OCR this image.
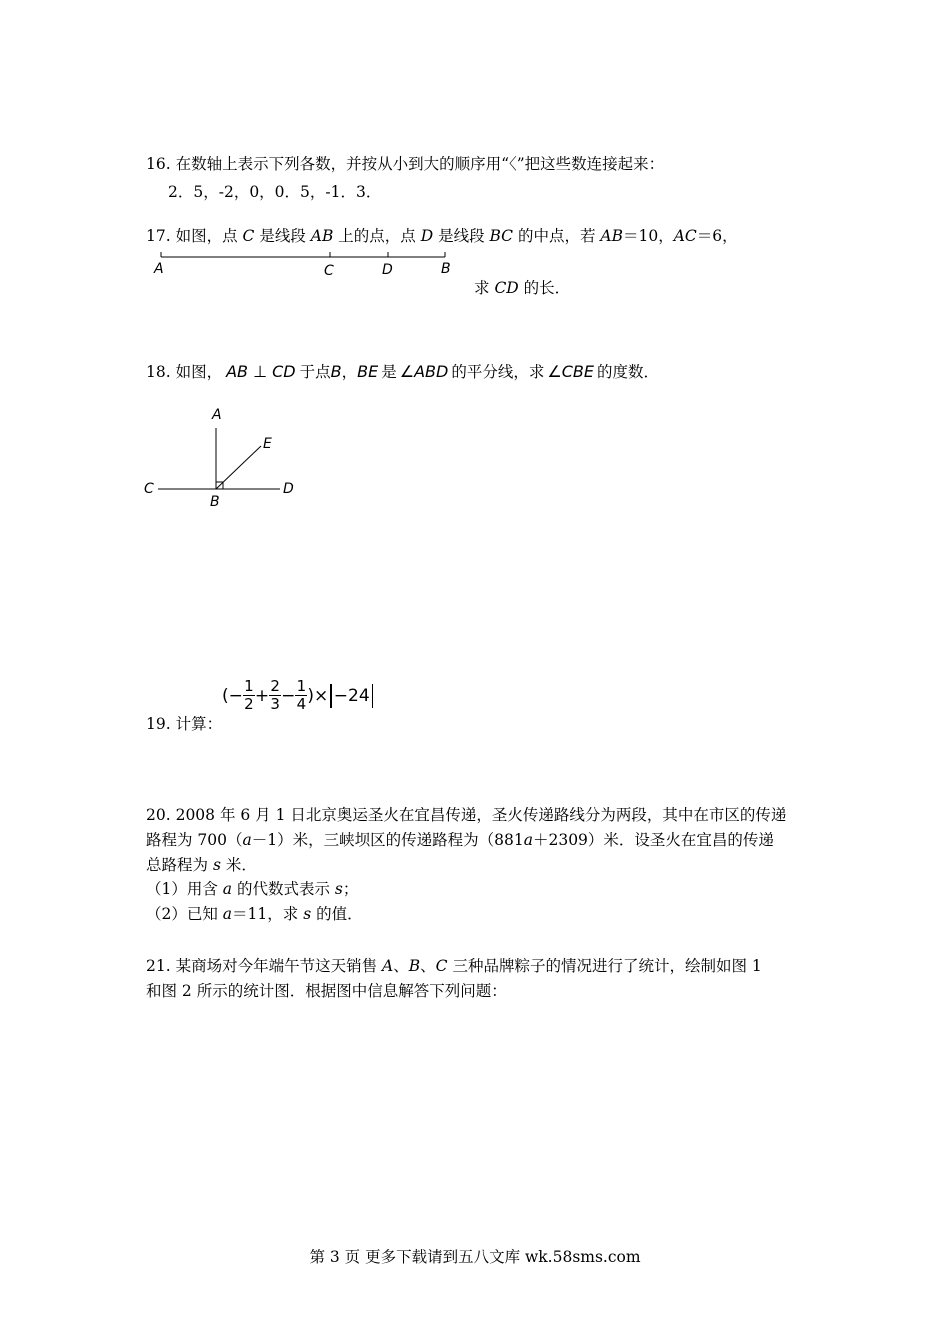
16. 在数轴上表示下列各数，并按从小到大的顺序用“〈”把这些数连接起来：
2．5，-2，0，0．5，-1．3．
17. 如图，点 C 是线段 AB 上的点，点 D 是线段 BC 的中点，若 AB＝10，AC＝6，
A	C	D	B
求 CD 的长．
18. 如图， AB ⊥ CD 于点 B ， BE 是 ∠ABD 的平分线，求 ∠CBE 的度数．
A
E
C
B
D
19. 计算：
(− $\frac{1}{2} + \frac{2}{3} - \frac{1}{4}$ )× −24
20. 2008 年 6 月 1 日北京奥运圣火在宜昌传递，圣火传递路线分为两段，其中在市区的传递
路程为 700（a－1）米，三峡坝区的传递路程为（881a＋2309）米．设圣火在宜昌的传递
总路程为 s 米．
（1）用含 a 的代数式表示 s；
（2）已知 a＝11，求 s 的值．
21. 某商场对今年端午节这天销售 A、B、C 三种品牌粽子的情况进行了统计，绘制如图 1
和图 2 所示的统计图．根据图中信息解答下列问题：
第 3 页 更多下载请到五八文库 wk.58sms.com
